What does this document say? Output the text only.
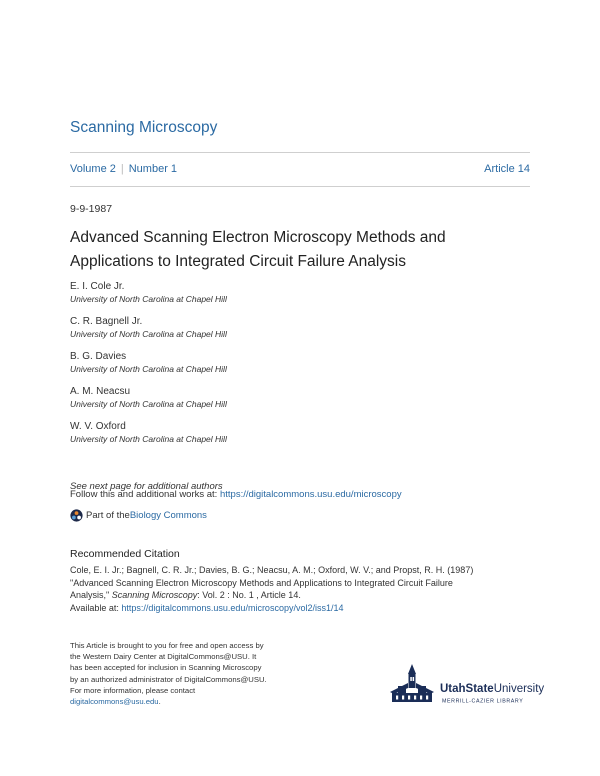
Scanning Microscopy
Volume 2 | Number 1	Article 14
9-9-1987
Advanced Scanning Electron Microscopy Methods and
Applications to Integrated Circuit Failure Analysis
E. I. Cole Jr.
University of North Carolina at Chapel Hill
C. R. Bagnell Jr.
University of North Carolina at Chapel Hill
B. G. Davies
University of North Carolina at Chapel Hill
A. M. Neacsu
University of North Carolina at Chapel Hill
W. V. Oxford
University of North Carolina at Chapel Hill
See next page for additional authors
Follow this and additional works at: https://digitalcommons.usu.edu/microscopy
Part of the Biology Commons
Recommended Citation
Cole, E. I. Jr.; Bagnell, C. R. Jr.; Davies, B. G.; Neacsu, A. M.; Oxford, W. V.; and Propst, R. H. (1987)
"Advanced Scanning Electron Microscopy Methods and Applications to Integrated Circuit Failure
Analysis," Scanning Microscopy: Vol. 2 : No. 1 , Article 14.
Available at: https://digitalcommons.usu.edu/microscopy/vol2/iss1/14
This Article is brought to you for free and open access by
the Western Dairy Center at DigitalCommons@USU. It
has been accepted for inclusion in Scanning Microscopy
by an authorized administrator of DigitalCommons@USU.
For more information, please contact
digitalcommons@usu.edu.
UtahStateUniversity
MERRILL-CAZIER LIBRARY
